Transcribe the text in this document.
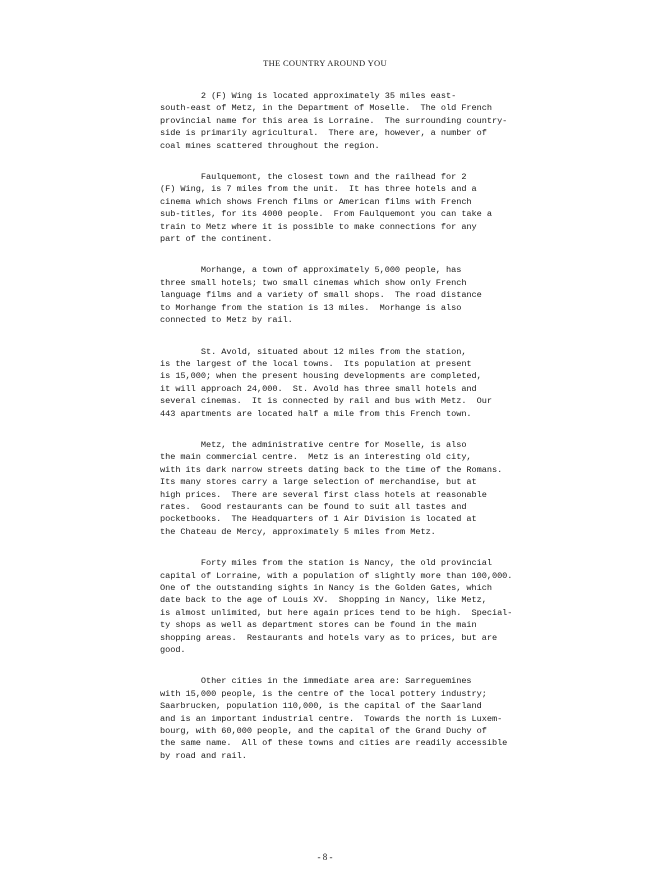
THE COUNTRY AROUND YOU

2 (F) Wing is located approximately 35 miles east-
south-east of Metz, in the Department of Moselle.  The old French
provincial name for this area is Lorraine.  The surrounding country-
side is primarily agricultural.  There are, however, a number of
coal mines scattered throughout the region.

Faulquemont, the closest town and the railhead for 2
(F) Wing, is 7 miles from the unit.  It has three hotels and a
cinema which shows French films or American films with French
sub-titles, for its 4000 people.  From Faulquemont you can take a
train to Metz where it is possible to make connections for any
part of the continent.

Morhange, a town of approximately 5,000 people, has
three small hotels; two small cinemas which show only French
language films and a variety of small shops.  The road distance
to Morhange from the station is 13 miles.  Morhange is also
connected to Metz by rail.

St. Avold, situated about 12 miles from the station,
is the largest of the local towns.  Its population at present
is 15,000; when the present housing developments are completed,
it will approach 24,000.  St. Avold has three small hotels and
several cinemas.  It is connected by rail and bus with Metz.  Our
443 apartments are located half a mile from this French town.

Metz, the administrative centre for Moselle, is also
the main commercial centre.  Metz is an interesting old city,
with its dark narrow streets dating back to the time of the Romans.
Its many stores carry a large selection of merchandise, but at
high prices.  There are several first class hotels at reasonable
rates.  Good restaurants can be found to suit all tastes and
pocketbooks.  The Headquarters of 1 Air Division is located at
the Chateau de Mercy, approximately 5 miles from Metz.

Forty miles from the station is Nancy, the old provincial
capital of Lorraine, with a population of slightly more than 100,000.
One of the outstanding sights in Nancy is the Golden Gates, which
date back to the age of Louis XV.  Shopping in Nancy, like Metz,
is almost unlimited, but here again prices tend to be high.  Special-
ty shops as well as department stores can be found in the main
shopping areas.  Restaurants and hotels vary as to prices, but are
good.

Other cities in the immediate area are: Sarreguemines
with 15,000 people, is the centre of the local pottery industry;
Saarbrucken, population 110,000, is the capital of the Saarland
and is an important industrial centre.  Towards the north is Luxem-
bourg, with 60,000 people, and the capital of the Grand Duchy of
the same name.  All of these towns and cities are readily accessible
by road and rail.

- 8 -
